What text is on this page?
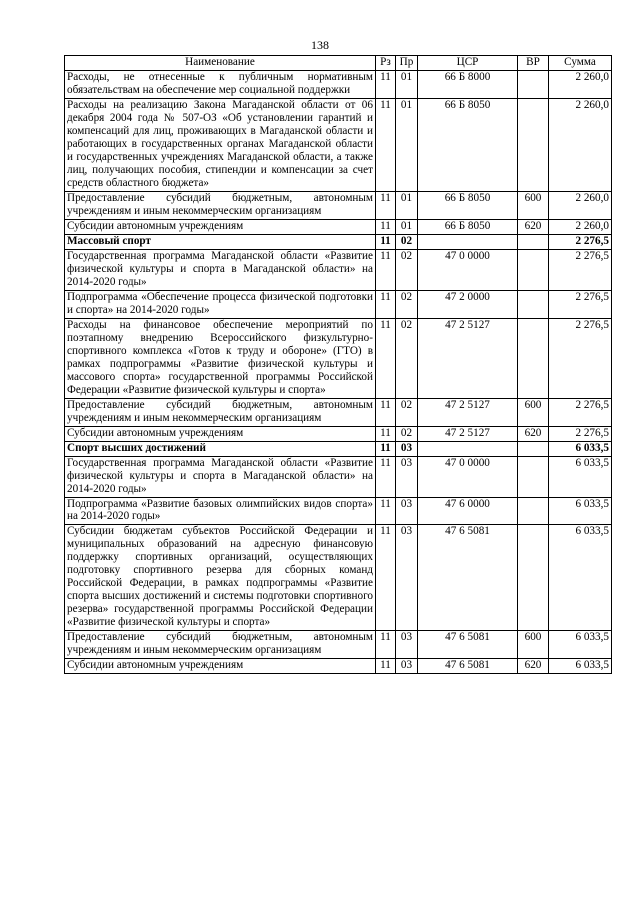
138
Наименование	Рз	Пр	ЦСР	ВР	Сумма
Расходы, не отнесенные к публичным нормативным обязательствам на обеспечение мер социальной поддержки	11	01	66 Б 8000		2 260,0
Расходы на реализацию Закона Магаданской области от 06 декабря 2004 года № 507-ОЗ «Об установлении гарантий и компенсаций для лиц, проживающих в Магаданской области и работающих в государственных органах Магаданской области и государственных учреждениях Магаданской области, а также лиц, получающих пособия, стипендии и компенсации за счет средств областного бюджета»	11	01	66 Б 8050		2 260,0
Предоставление субсидий бюджетным, автономным учреждениям и иным некоммерческим организациям	11	01	66 Б 8050	600	2 260,0
Субсидии автономным учреждениям	11	01	66 Б 8050	620	2 260,0
Массовый спорт	11	02			2 276,5
Государственная программа Магаданской области «Развитие физической культуры и спорта в Магаданской области» на 2014-2020 годы»	11	02	47 0 0000		2 276,5
Подпрограмма «Обеспечение процесса физической подготовки и спорта» на 2014-2020 годы»	11	02	47 2 0000		2 276,5
Расходы на финансовое обеспечение мероприятий по поэтапному внедрению Всероссийского физкультурно-спортивного комплекса «Готов к труду и обороне» (ГТО) в рамках подпрограммы «Развитие физической культуры и массового спорта» государственной программы Российской Федерации «Развитие физической культуры и спорта»	11	02	47 2 5127		2 276,5
Предоставление субсидий бюджетным, автономным учреждениям и иным некоммерческим организациям	11	02	47 2 5127	600	2 276,5
Субсидии автономным учреждениям	11	02	47 2 5127	620	2 276,5
Спорт высших достижений	11	03			6 033,5
Государственная программа Магаданской области «Развитие физической культуры и спорта в Магаданской области» на 2014-2020 годы»	11	03	47 0 0000		6 033,5
Подпрограмма «Развитие базовых олимпийских видов спорта» на 2014-2020 годы»	11	03	47 6 0000		6 033,5
Субсидии бюджетам субъектов Российской Федерации и муниципальных образований на адресную финансовую поддержку спортивных организаций, осуществляющих подготовку спортивного резерва для сборных команд Российской Федерации, в рамках подпрограммы «Развитие спорта высших достижений и системы подготовки спортивного резерва» государственной программы Российской Федерации «Развитие физической культуры и спорта»	11	03	47 6 5081		6 033,5
Предоставление субсидий бюджетным, автономным учреждениям и иным некоммерческим организациям	11	03	47 6 5081	600	6 033,5
Субсидии автономным учреждениям	11	03	47 6 5081	620	6 033,5
